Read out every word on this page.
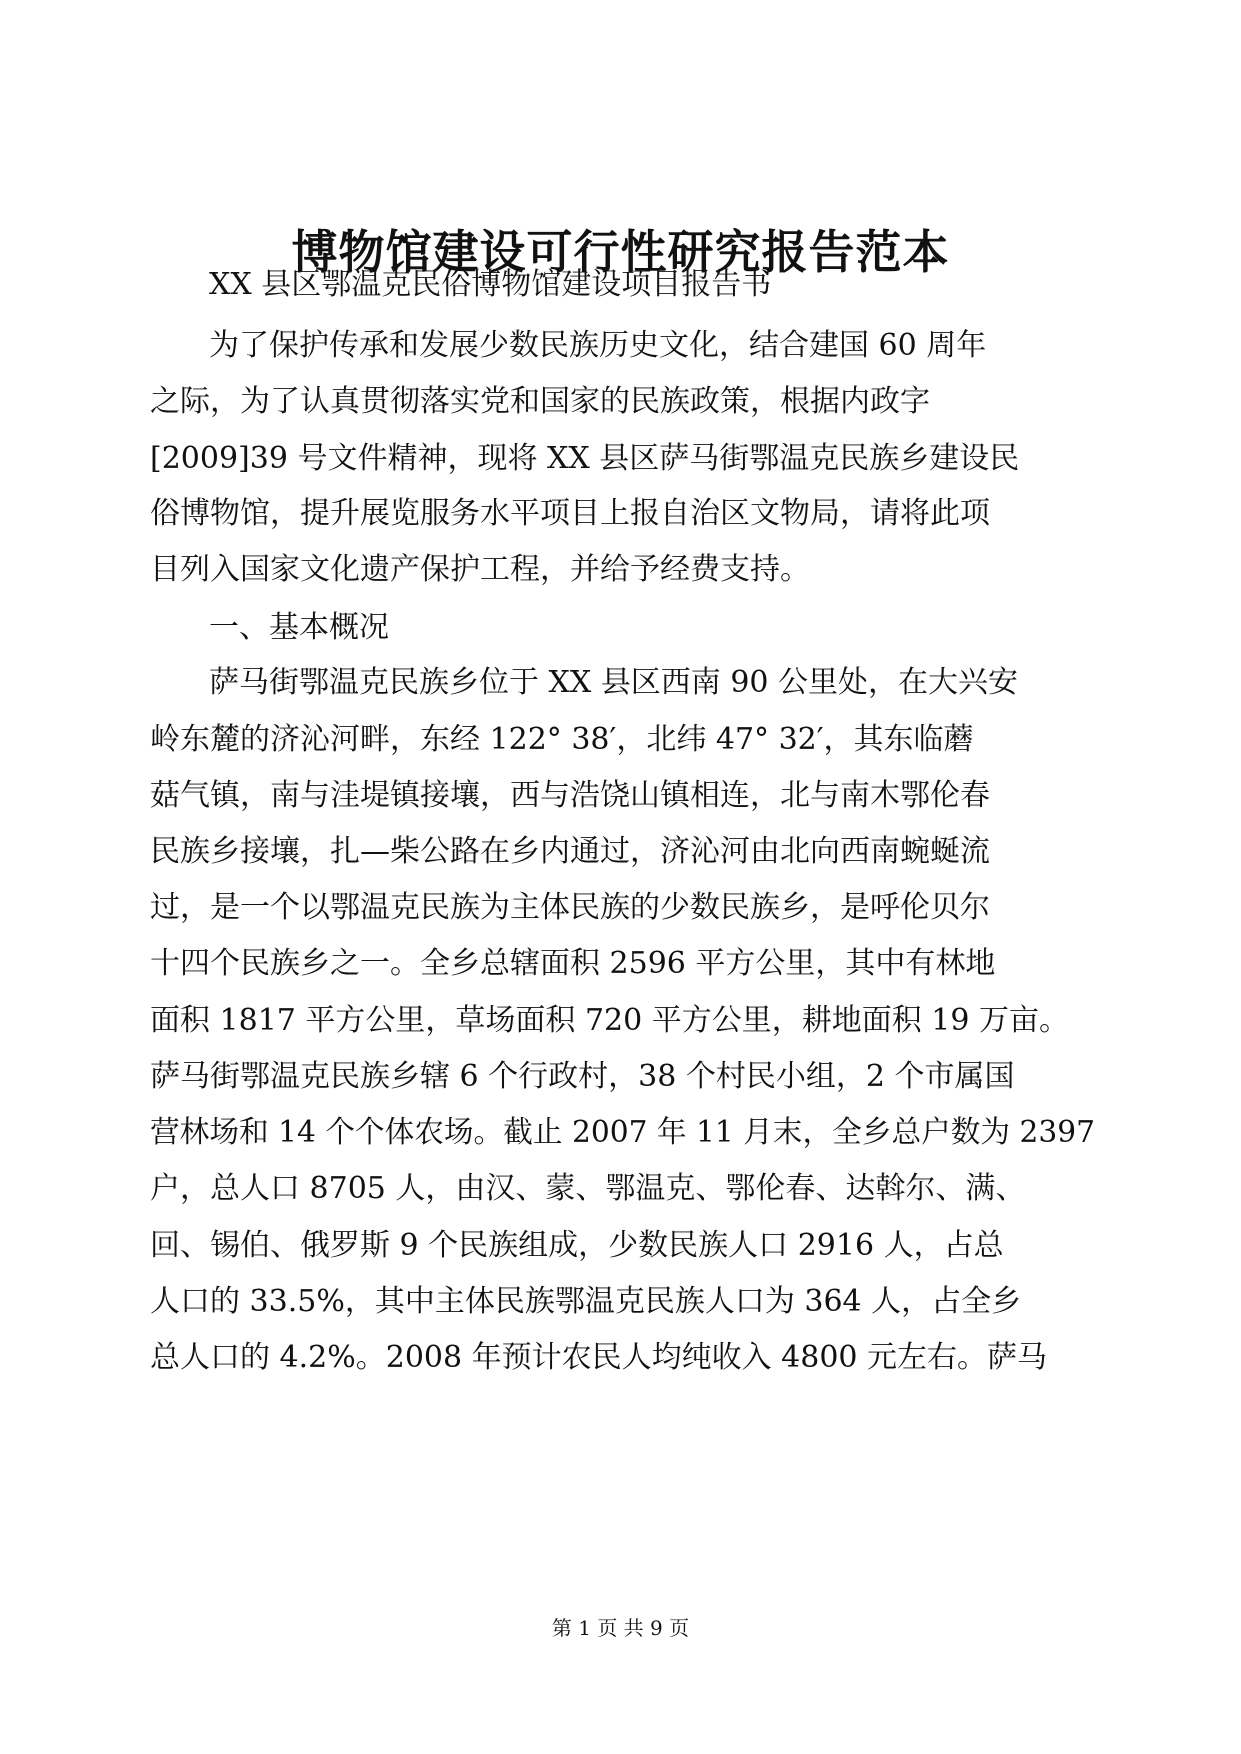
博物馆建设可行性研究报告范本
XX 县区鄂温克民俗博物馆建设项目报告书
为了保护传承和发展少数民族历史文化，结合建国 60 周年
之际，为了认真贯彻落实党和国家的民族政策，根据内政字
[2009]39 号文件精神，现将 XX 县区萨马街鄂温克民族乡建设民
俗博物馆，提升展览服务水平项目上报自治区文物局，请将此项
目列入国家文化遗产保护工程，并给予经费支持。
一、基本概况
萨马街鄂温克民族乡位于 XX 县区西南 90 公里处，在大兴安
岭东麓的济沁河畔，东经 122° 38′，北纬 47° 32′，其东临蘑
菇气镇，南与洼堤镇接壤，西与浩饶山镇相连，北与南木鄂伦春
民族乡接壤，扎—柴公路在乡内通过，济沁河由北向西南蜿蜒流
过，是一个以鄂温克民族为主体民族的少数民族乡，是呼伦贝尔
十四个民族乡之一。全乡总辖面积 2596 平方公里，其中有林地
面积 1817 平方公里，草场面积 720 平方公里，耕地面积 19 万亩。
萨马街鄂温克民族乡辖 6 个行政村，38 个村民小组，2 个市属国
营林场和 14 个个体农场。截止 2007 年 11 月末，全乡总户数为 2397
户，总人口 8705 人，由汉、蒙、鄂温克、鄂伦春、达斡尔、满、
回、锡伯、俄罗斯 9 个民族组成，少数民族人口 2916 人，占总
人口的 33.5%，其中主体民族鄂温克民族人口为 364 人，占全乡
总人口的 4.2%。2008 年预计农民人均纯收入 4800 元左右。萨马
第 1 页 共 9 页
